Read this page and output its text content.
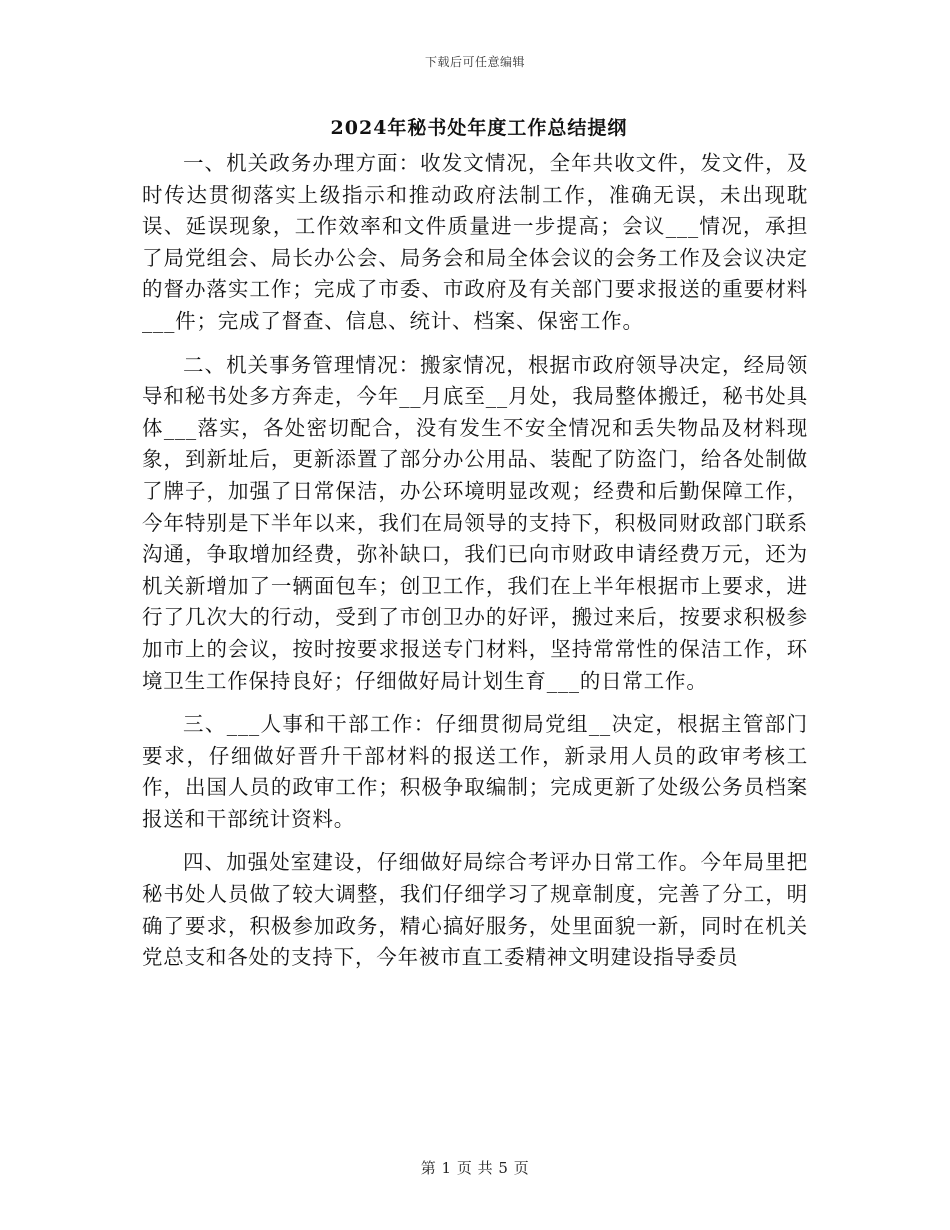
下载后可任意编辑
2024年秘书处年度工作总结提纲

一、机关政务办理方面：收发文情况，全年共收文件，发文件，及时传达贯彻落实上级指示和推动政府法制工作，准确无误，未出现耽误、延误现象，工作效率和文件质量进一步提高；会议___情况，承担了局党组会、局长办公会、局务会和局全体会议的会务工作及会议决定的督办落实工作；完成了市委、市政府及有关部门要求报送的重要材料___件；完成了督查、信息、统计、档案、保密工作。

二、机关事务管理情况：搬家情况，根据市政府领导决定，经局领导和秘书处多方奔走，今年__月底至__月处，我局整体搬迁，秘书处具体___落实，各处密切配合，没有发生不安全情况和丢失物品及材料现象，到新址后，更新添置了部分办公用品、装配了防盗门，给各处制做了牌子，加强了日常保洁，办公环境明显改观；经费和后勤保障工作，今年特别是下半年以来，我们在局领导的支持下，积极同财政部门联系沟通，争取增加经费，弥补缺口，我们已向市财政申请经费万元，还为机关新增加了一辆面包车；创卫工作，我们在上半年根据市上要求，进行了几次大的行动，受到了市创卫办的好评，搬过来后，按要求积极参加市上的会议，按时按要求报送专门材料，坚持常常性的保洁工作，环境卫生工作保持良好；仔细做好局计划生育___的日常工作。

三、___人事和干部工作：仔细贯彻局党组__决定，根据主管部门要求，仔细做好晋升干部材料的报送工作，新录用人员的政审考核工作，出国人员的政审工作；积极争取编制；完成更新了处级公务员档案报送和干部统计资料。

四、加强处室建设，仔细做好局综合考评办日常工作。今年局里把秘书处人员做了较大调整，我们仔细学习了规章制度，完善了分工，明确了要求，积极参加政务，精心搞好服务，处里面貌一新，同时在机关党总支和各处的支持下，今年被市直工委精神文明建设指导委员

第 1 页 共 5 页
